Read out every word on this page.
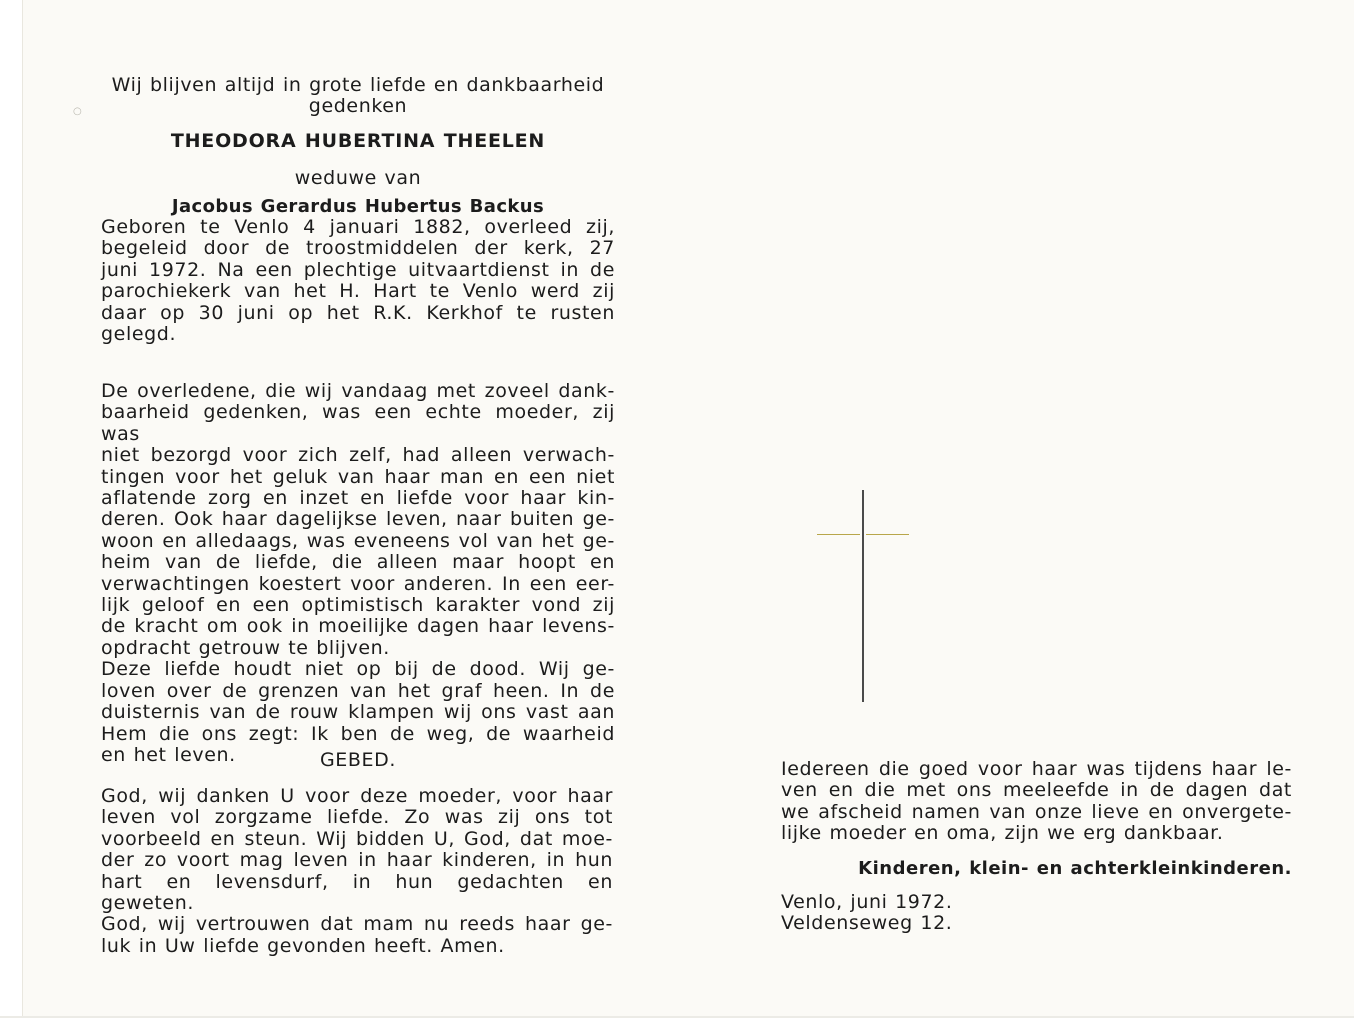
○
Wij blijven altijd in grote liefde en dankbaarheid
gedenken
THEODORA HUBERTINA THEELEN
weduwe van
Jacobus Gerardus Hubertus Backus
Geboren te Venlo 4 januari 1882, overleed zij,
begeleid door de troostmiddelen der kerk, 27
juni 1972. Na een plechtige uitvaartdienst in de
parochiekerk van het H. Hart te Venlo werd zij
daar op 30 juni op het R.K. Kerkhof te rusten
gelegd.
De overledene, die wij vandaag met zoveel dank-
baarheid gedenken, was een echte moeder, zij was
niet bezorgd voor zich zelf, had alleen verwach-
tingen voor het geluk van haar man en een niet
aflatende zorg en inzet en liefde voor haar kin-
deren. Ook haar dagelijkse leven, naar buiten ge-
woon en alledaags, was eveneens vol van het ge-
heim van de liefde, die alleen maar hoopt en
verwachtingen koestert voor anderen. In een eer-
lijk geloof en een optimistisch karakter vond zij
de kracht om ook in moeilijke dagen haar levens-
opdracht getrouw te blijven.
Deze liefde houdt niet op bij de dood. Wij ge-
loven over de grenzen van het graf heen. In de
duisternis van de rouw klampen wij ons vast aan
Hem die ons zegt: Ik ben de weg, de waarheid
en het leven.	GEBED.
God, wij danken U voor deze moeder, voor haar
leven vol zorgzame liefde. Zo was zij ons tot
voorbeeld en steun. Wij bidden U, God, dat moe-
der zo voort mag leven in haar kinderen, in hun
hart en levensdurf, in hun gedachten en geweten.
God, wij vertrouwen dat mam nu reeds haar ge-
luk in Uw liefde gevonden heeft. Amen.
Iedereen die goed voor haar was tijdens haar le-
ven en die met ons meeleefde in de dagen dat
we afscheid namen van onze lieve en onvergete-
lijke moeder en oma, zijn we erg dankbaar.
Kinderen, klein- en achterkleinkinderen.
Venlo, juni 1972.
Veldenseweg 12.
